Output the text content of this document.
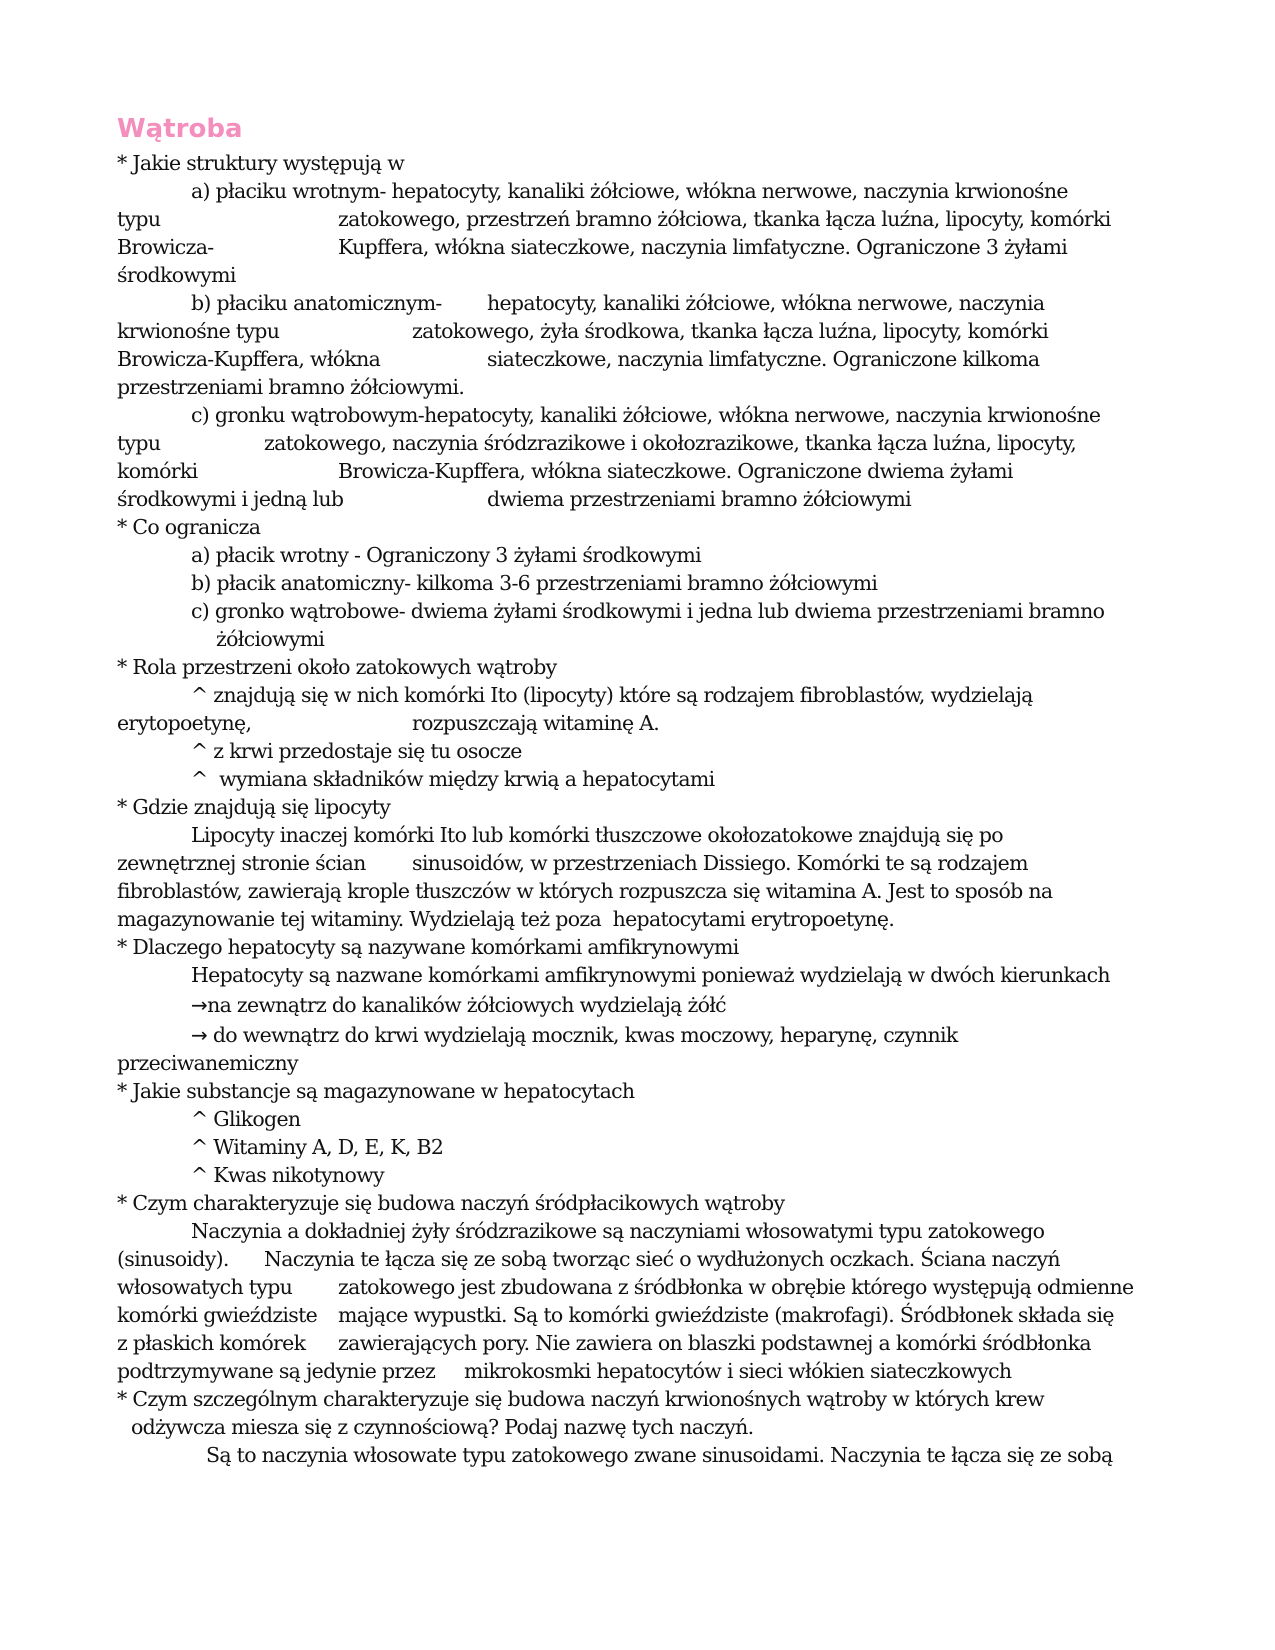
Wątroba

* Jakie struktury występują w

a) płaciku wrotnym- hepatocyty, kanaliki żółciowe, włókna nerwowe, naczynia krwionośne

typu	zatokowego, przestrzeń bramno żółciowa, tkanka łącza luźna, lipocyty, komórki

Browicza-	Kupffera, włókna siateczkowe, naczynia limfatyczne. Ograniczone 3 żyłami

środkowymi

b) płaciku anatomicznym- hepatocyty, kanaliki żółciowe, włókna nerwowe, naczynia

krwionośne typu	zatokowego, żyła środkowa, tkanka łącza luźna, lipocyty, komórki

Browicza-Kupffera, włókna	siateczkowe, naczynia limfatyczne. Ograniczone kilkoma

przestrzeniami bramno żółciowymi.

c) gronku wątrobowym-hepatocyty, kanaliki żółciowe, włókna nerwowe, naczynia krwionośne

typu	zatokowego, naczynia śródzrazikowe i okołozrazikowe, tkanka łącza luźna, lipocyty,

komórki	Browicza-Kupffera, włókna siateczkowe. Ograniczone dwiema żyłami

środkowymi i jedną lub	dwiema przestrzeniami bramno żółciowymi

* Co ogranicza

a) płacik wrotny - Ograniczony 3 żyłami środkowymi

b) płacik anatomiczny- kilkoma 3-6 przestrzeniami bramno żółciowymi

c) gronko wątrobowe- dwiema żyłami środkowymi i jedna lub dwiema przestrzeniami bramno

żółciowymi

* Rola przestrzeni około zatokowych wątroby

^ znajdują się w nich komórki Ito (lipocyty) które są rodzajem fibroblastów, wydzielają

erytopoetynę,	rozpuszczają witaminę A.

^ z krwi przedostaje się tu osocze

^  wymiana składników między krwią a hepatocytami

* Gdzie znajdują się lipocyty

Lipocyty inaczej komórki Ito lub komórki tłuszczowe okołozatokowe znajdują się po

zewnętrznej stronie ścian sinusoidów, w przestrzeniach Dissiego. Komórki te są rodzajem

fibroblastów, zawierają krople tłuszczów w których rozpuszcza się witamina A. Jest to sposób na

magazynowanie tej witaminy. Wydzielają też poza  hepatocytami erytropoetynę.

* Dlaczego hepatocyty są nazywane komórkami amfikrynowymi

Hepatocyty są nazwane komórkami amfikrynowymi ponieważ wydzielają w dwóch kierunkach

→na zewnątrz do kanalików żółciowych wydzielają żółć

→ do wewnątrz do krwi wydzielają mocznik, kwas moczowy, heparynę, czynnik

przeciwanemiczny

* Jakie substancje są magazynowane w hepatocytach

^ Glikogen

^ Witaminy A, D, E, K, B2

^ Kwas nikotynowy

* Czym charakteryzuje się budowa naczyń śródpłacikowych wątroby

Naczynia a dokładniej żyły śródzrazikowe są naczyniami włosowatymi typu zatokowego

(sinusoidy). Naczynia te łącza się ze sobą tworząc sieć o wydłużonych oczkach. Ściana naczyń

włosowatych typu zatokowego jest zbudowana z śródbłonka w obrębie którego występują odmienne

komórki gwieździste mające wypustki. Są to komórki gwieździste (makrofagi). Śródbłonek składa się

z płaskich komórek zawierających pory. Nie zawiera on blaszki podstawnej a komórki śródbłonka

podtrzymywane są jedynie przez mikrokosmki hepatocytów i sieci włókien siateczkowych

* Czym szczególnym charakteryzuje się budowa naczyń krwionośnych wątroby w których krew

odżywcza miesza się z czynnościową? Podaj nazwę tych naczyń.

Są to naczynia włosowate typu zatokowego zwane sinusoidami. Naczynia te łącza się ze sobą
